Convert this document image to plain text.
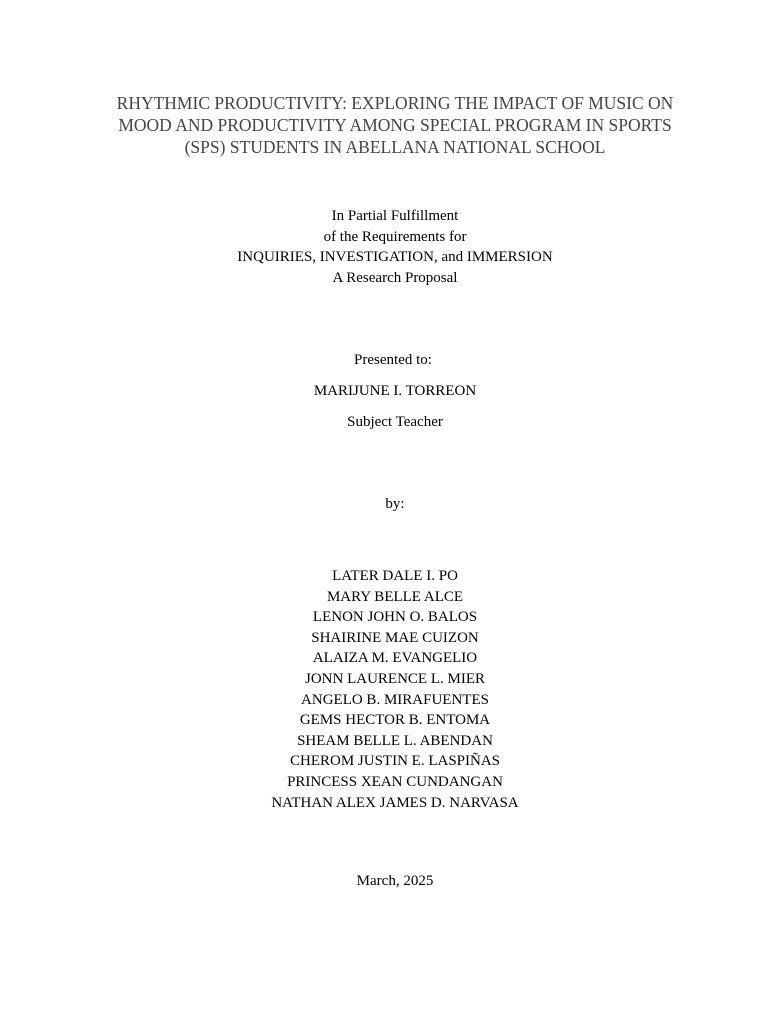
RHYTHMIC PRODUCTIVITY: EXPLORING THE IMPACT OF MUSIC ON
MOOD AND PRODUCTIVITY AMONG SPECIAL PROGRAM IN SPORTS
(SPS) STUDENTS IN ABELLANA NATIONAL SCHOOL

In Partial Fulfillment
of the Requirements for
INQUIRIES, INVESTIGATION, and IMMERSION
A Research Proposal

Presented to:

MARIJUNE I. TORREON

Subject Teacher

by:

LATER DALE I. PO
MARY BELLE ALCE
LENON JOHN O. BALOS
SHAIRINE MAE CUIZON
ALAIZA M. EVANGELIO
JONN LAURENCE L. MIER
ANGELO B. MIRAFUENTES
GEMS HECTOR B. ENTOMA
SHEAM BELLE L. ABENDAN
CHEROM JUSTIN E. LASPIÑAS
PRINCESS XEAN CUNDANGAN
NATHAN ALEX JAMES D. NARVASA

March, 2025
